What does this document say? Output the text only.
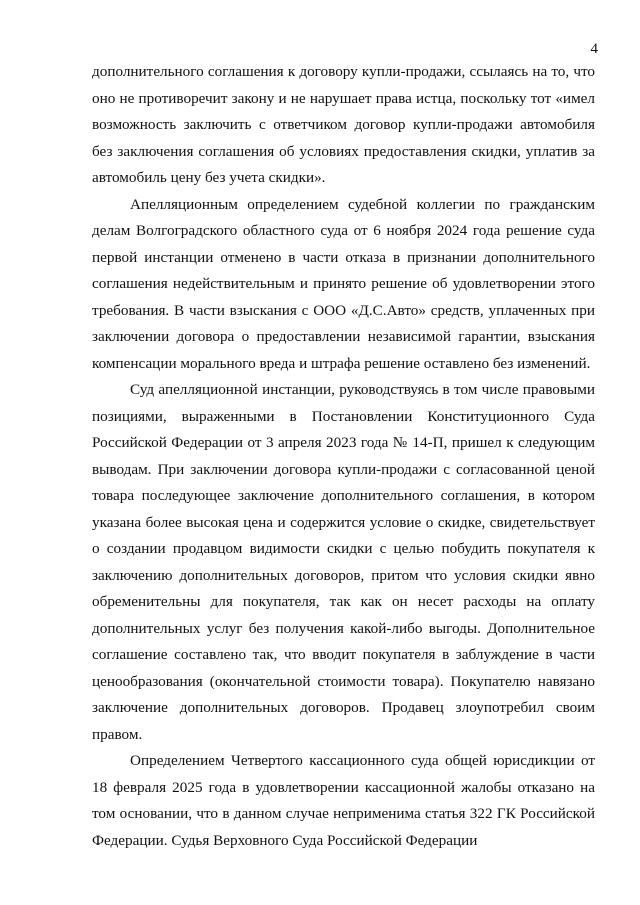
4

дополнительного соглашения к договору купли-продажи, ссылаясь на то, что оно не противоречит закону и не нарушает права истца, поскольку тот «имел возможность заключить с ответчиком договор купли-продажи автомобиля без заключения соглашения об условиях предоставления скидки, уплатив за автомобиль цену без учета скидки».

Апелляционным определением судебной коллегии по гражданским делам Волгоградского областного суда от 6 ноября 2024 года решение суда первой инстанции отменено в части отказа в признании дополнительного соглашения недействительным и принято решение об удовлетворении этого требования. В части взыскания с ООО «Д.С.Авто» средств, уплаченных при заключении договора о предоставлении независимой гарантии, взыскания компенсации морального вреда и штрафа решение оставлено без изменений.

Суд апелляционной инстанции, руководствуясь в том числе правовыми позициями, выраженными в Постановлении Конституционного Суда Российской Федерации от 3 апреля 2023 года № 14-П, пришел к следующим выводам. При заключении договора купли-продажи с согласованной ценой товара последующее заключение дополнительного соглашения, в котором указана более высокая цена и содержится условие о скидке, свидетельствует о создании продавцом видимости скидки с целью побудить покупателя к заключению дополнительных договоров, притом что условия скидки явно обременительны для покупателя, так как он несет расходы на оплату дополнительных услуг без получения какой-либо выгоды. Дополнительное соглашение составлено так, что вводит покупателя в заблуждение в части ценообразования (окончательной стоимости товара). Покупателю навязано заключение дополнительных договоров. Продавец злоупотребил своим правом.

Определением Четвертого кассационного суда общей юрисдикции от 18 февраля 2025 года в удовлетворении кассационной жалобы отказано на том основании, что в данном случае неприменима статья 322 ГК Российской Федерации. Судья Верховного Суда Российской Федерации
